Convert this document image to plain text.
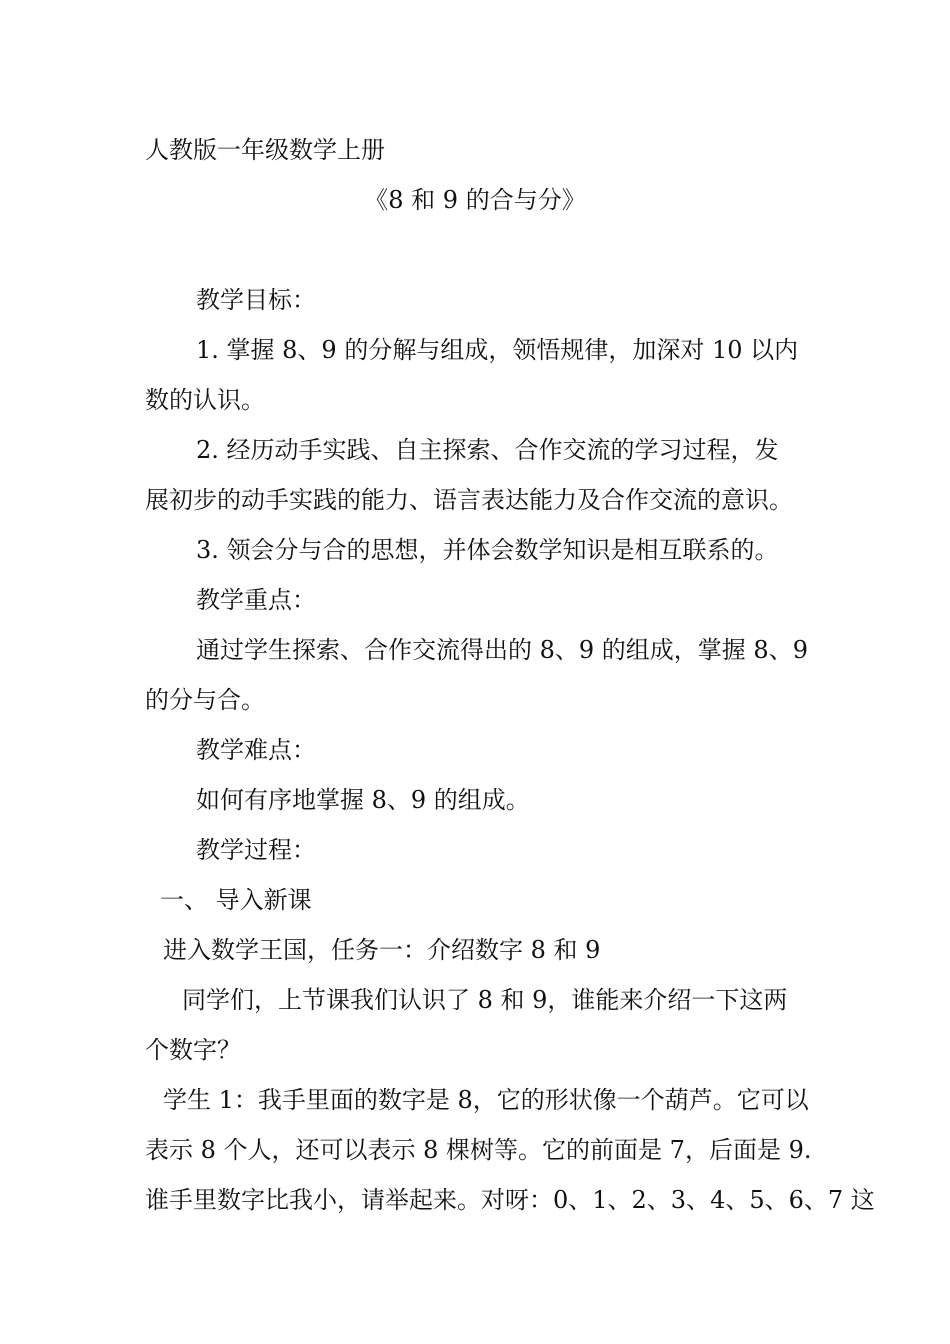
人教版一年级数学上册
《8 和 9 的合与分》
教学目标：
1. 掌握 8、9 的分解与组成，领悟规律，加深对 10 以内
数的认识。
2. 经历动手实践、自主探索、合作交流的学习过程，发
展初步的动手实践的能力、语言表达能力及合作交流的意识。
3. 领会分与合的思想，并体会数学知识是相互联系的。
教学重点：
通过学生探索、合作交流得出的 8、9 的组成，掌握 8、9
的分与合。
教学难点：
如何有序地掌握 8、9 的组成。
教学过程：
一、 导入新课
进入数学王国，任务一：介绍数字 8 和 9
同学们，上节课我们认识了 8 和 9，谁能来介绍一下这两
个数字？
学生 1：我手里面的数字是 8，它的形状像一个葫芦。它可以
表示 8 个人，还可以表示 8 棵树等。它的前面是 7，后面是 9.
谁手里数字比我小，请举起来。对呀：0、1、2、3、4、5、6、7 这
